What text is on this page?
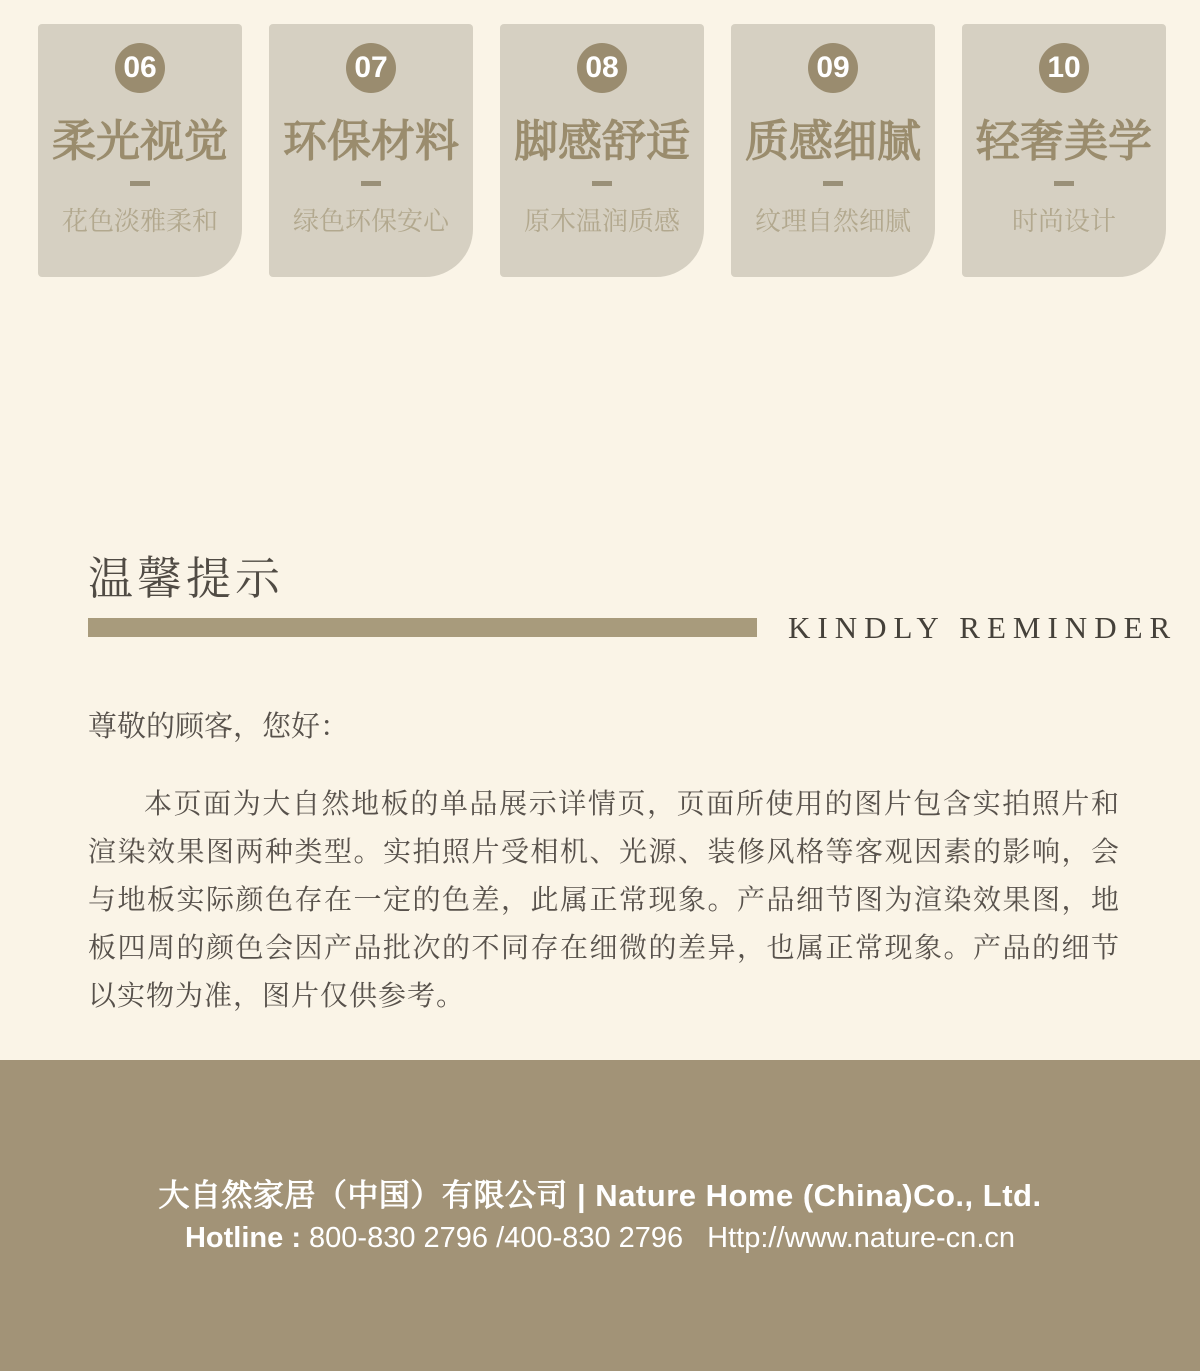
06
柔光视觉
花色淡雅柔和
07
环保材料
绿色环保安心
08
脚感舒适
原木温润质感
09
质感细腻
纹理自然细腻
10
轻奢美学
时尚设计
温馨提示
KINDLY REMINDER

尊敬的顾客，您好：

本页面为大自然地板的单品展示详情页，页面所使用的图片包含实拍照片和渲染效果图两种类型。实拍照片受相机、光源、装修风格等客观因素的影响，会与地板实际颜色存在一定的色差，此属正常现象。产品细节图为渲染效果图，地板四周的颜色会因产品批次的不同存在细微的差异，也属正常现象。产品的细节以实物为准，图片仅供参考。

大自然家居（中国）有限公司 | Nature Home (China)Co., Ltd.
Hotline : 800-830 2796 /400-830 2796 Http://www.nature-cn.cn
